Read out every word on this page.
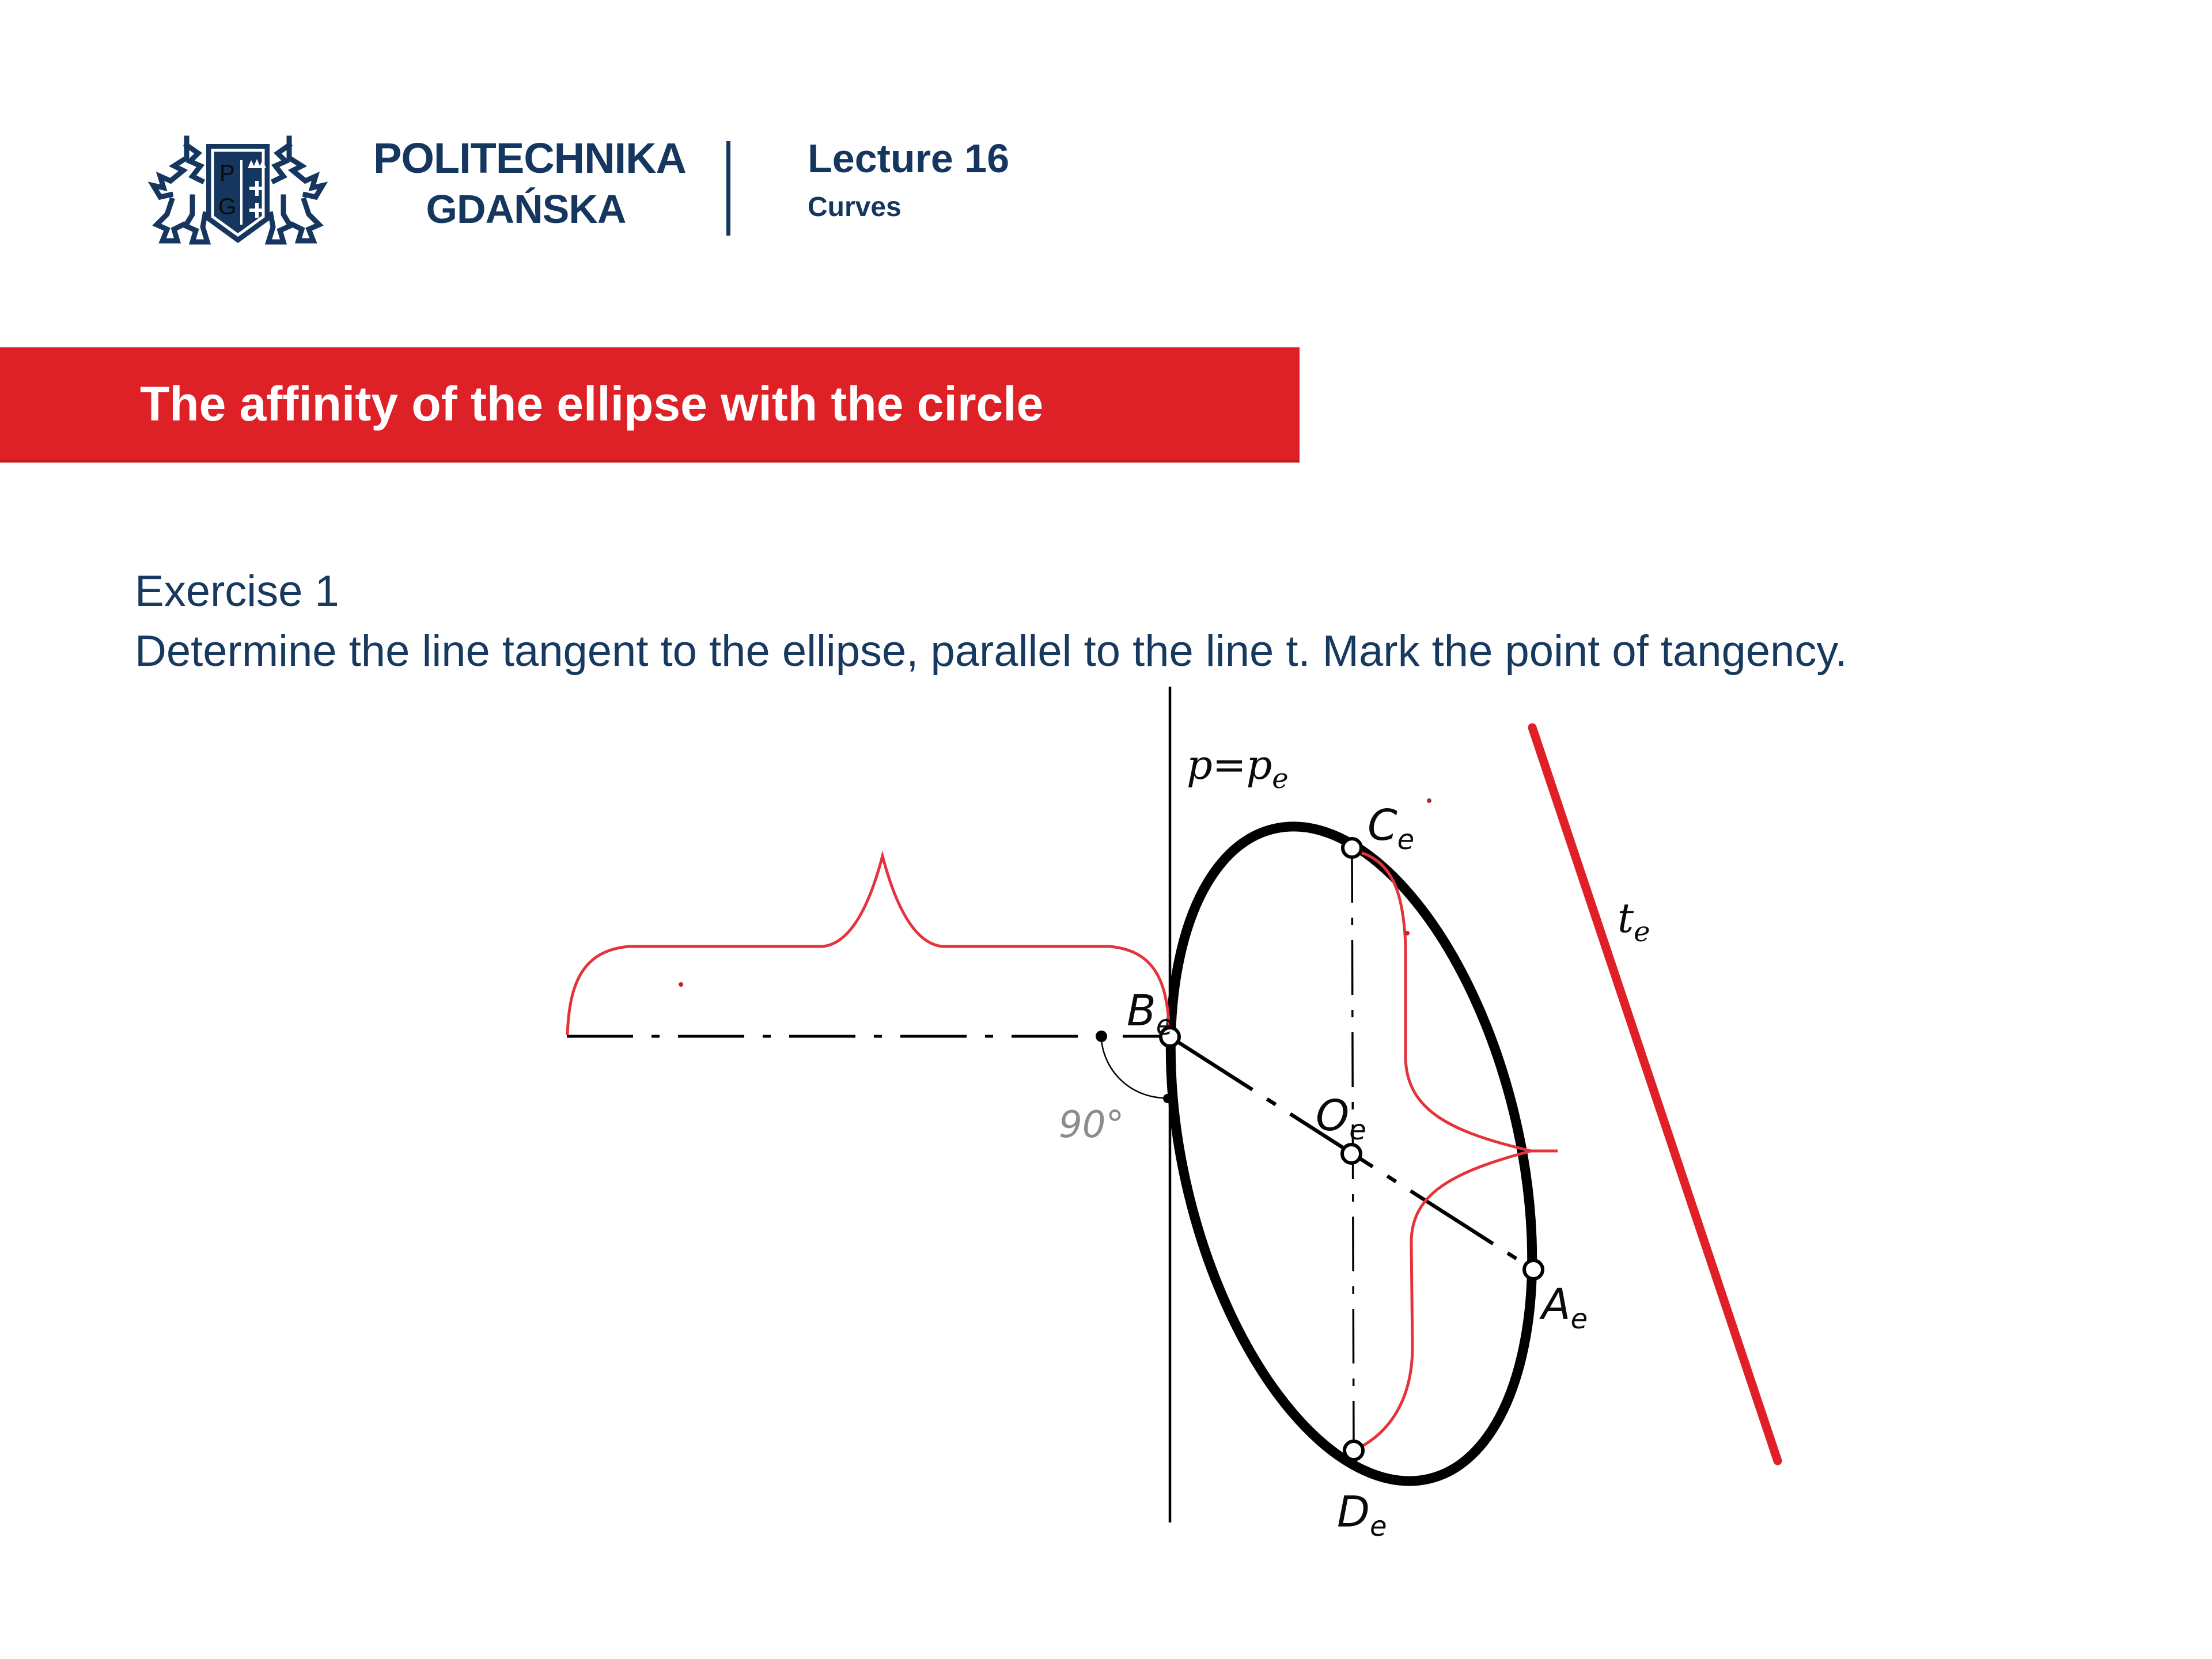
P
G
POLITECHNIKA
GDAŃSKA
Lecture 16
Curves
The affinity of the ellipse with the circle
Exercise 1
Determine the line tangent to the ellipse, parallel to the line t. Mark the point of tangency.
$p=p_e$
$t_e$
$B_e$
$C_e$
$O_e$
$A_e$
$D_e$
90°
